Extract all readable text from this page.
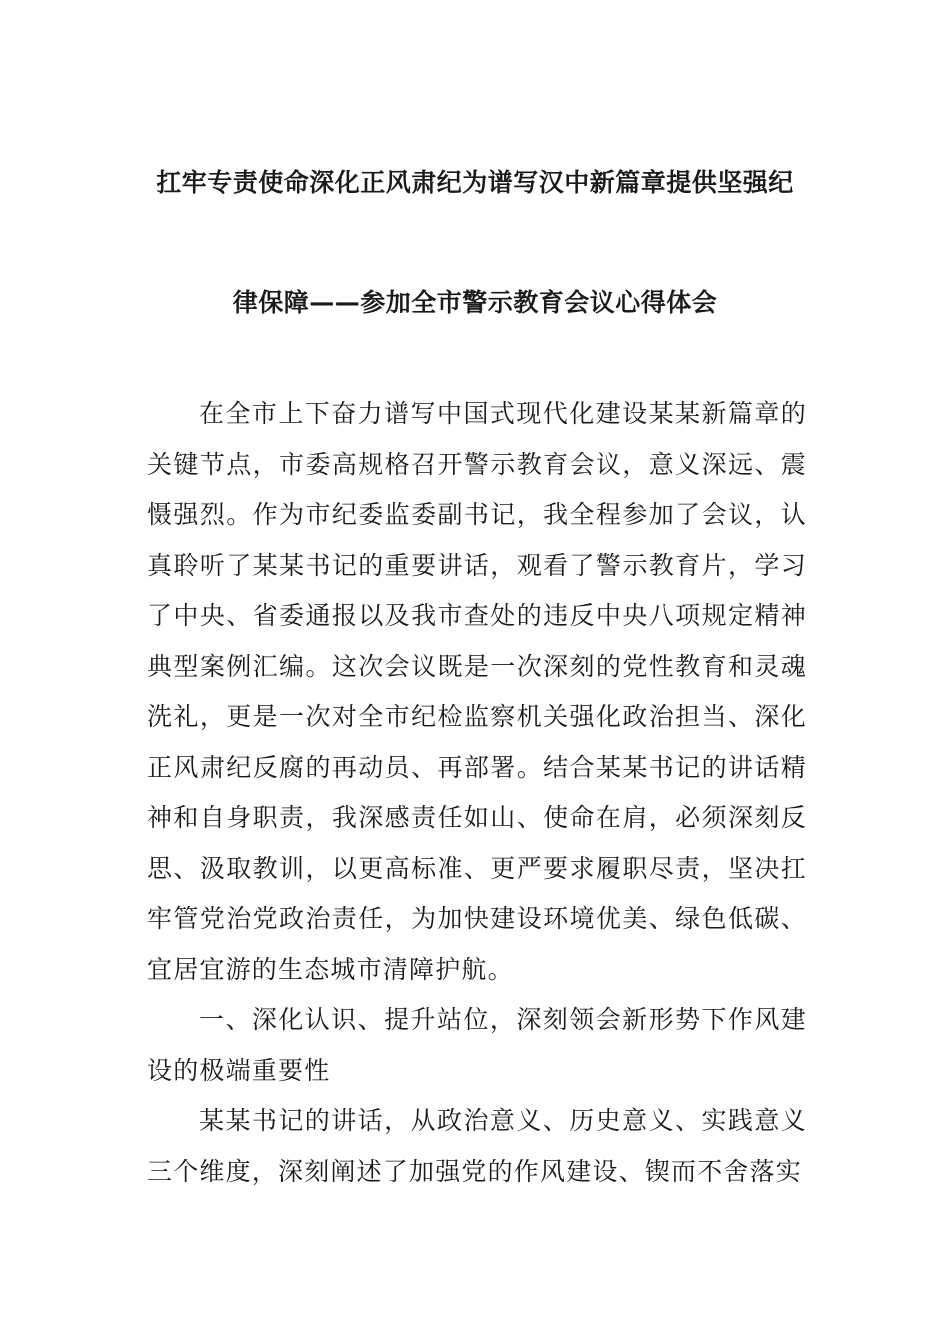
扛牢专责使命深化正风肃纪为谱写汉中新篇章提供坚强纪
律保障——参加全市警示教育会议心得体会

在全市上下奋力谱写中国式现代化建设某某新篇章的关键节点，市委高规格召开警示教育会议，意义深远、震慑强烈。作为市纪委监委副书记，我全程参加了会议，认真聆听了某某书记的重要讲话，观看了警示教育片，学习了中央、省委通报以及我市查处的违反中央八项规定精神典型案例汇编。这次会议既是一次深刻的党性教育和灵魂洗礼，更是一次对全市纪检监察机关强化政治担当、深化正风肃纪反腐的再动员、再部署。结合某某书记的讲话精神和自身职责，我深感责任如山、使命在肩，必须深刻反思、汲取教训，以更高标准、更严要求履职尽责，坚决扛牢管党治党政治责任，为加快建设环境优美、绿色低碳、宜居宜游的生态城市清障护航。

一、深化认识、提升站位，深刻领会新形势下作风建设的极端重要性

某某书记的讲话，从政治意义、历史意义、实践意义三个维度，深刻阐述了加强党的作风建设、锲而不舍落实
